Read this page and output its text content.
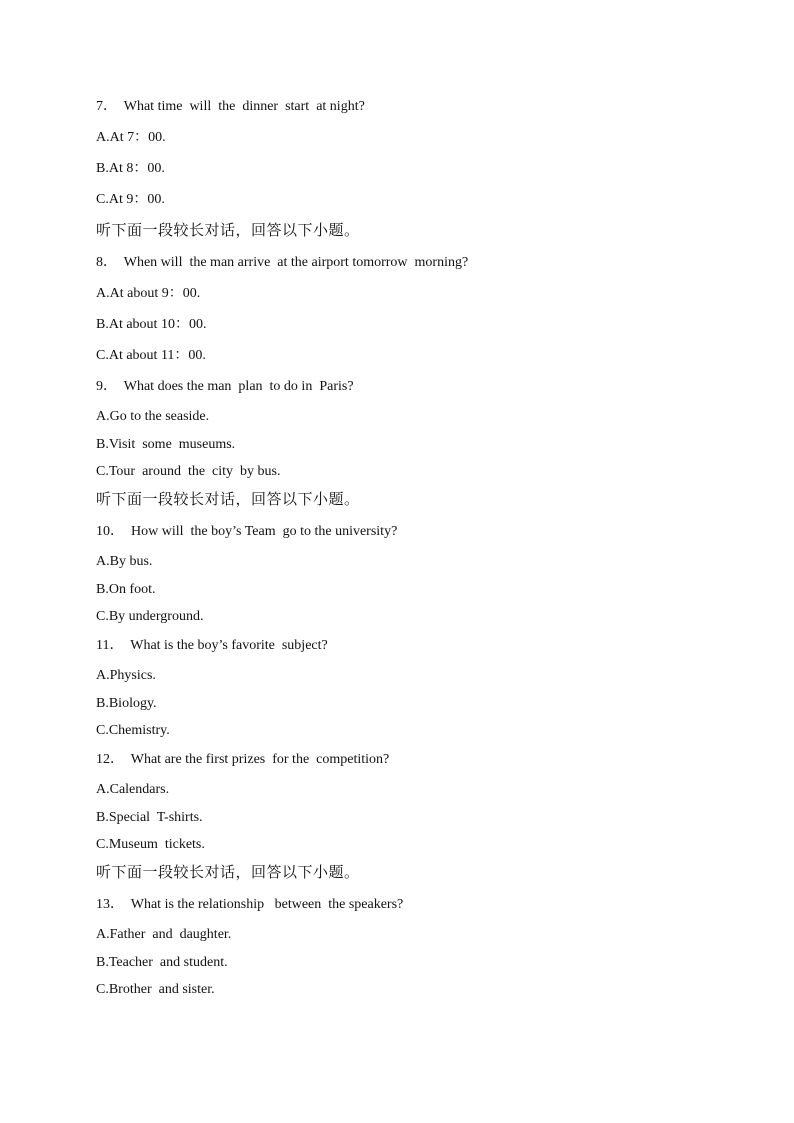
7．  What time  will  the  dinner  start  at night?
A.At 7：00.
B.At 8：00.
C.At 9：00.
听下面一段较长对话，回答以下小题。
8．  When will  the man arrive  at the airport tomorrow  morning?
A.At about 9：00.
B.At about 10：00.
C.At about 11：00.
9．  What does the man  plan  to do in  Paris?
A.Go to the seaside.
B.Visit  some  museums.
C.Tour  around  the  city  by bus.
听下面一段较长对话，回答以下小题。
10．  How will  the boy’s Team  go to the university?
A.By bus.
B.On foot.
C.By underground.
11．  What is the boy’s favorite  subject?
A.Physics.
B.Biology.
C.Chemistry.
12．  What are the first prizes  for the  competition?
A.Calendars.
B.Special  T-shirts.
C.Museum  tickets.
听下面一段较长对话，回答以下小题。
13．  What is the relationship   between  the speakers?
A.Father  and  daughter.
B.Teacher  and student.
C.Brother  and sister.
